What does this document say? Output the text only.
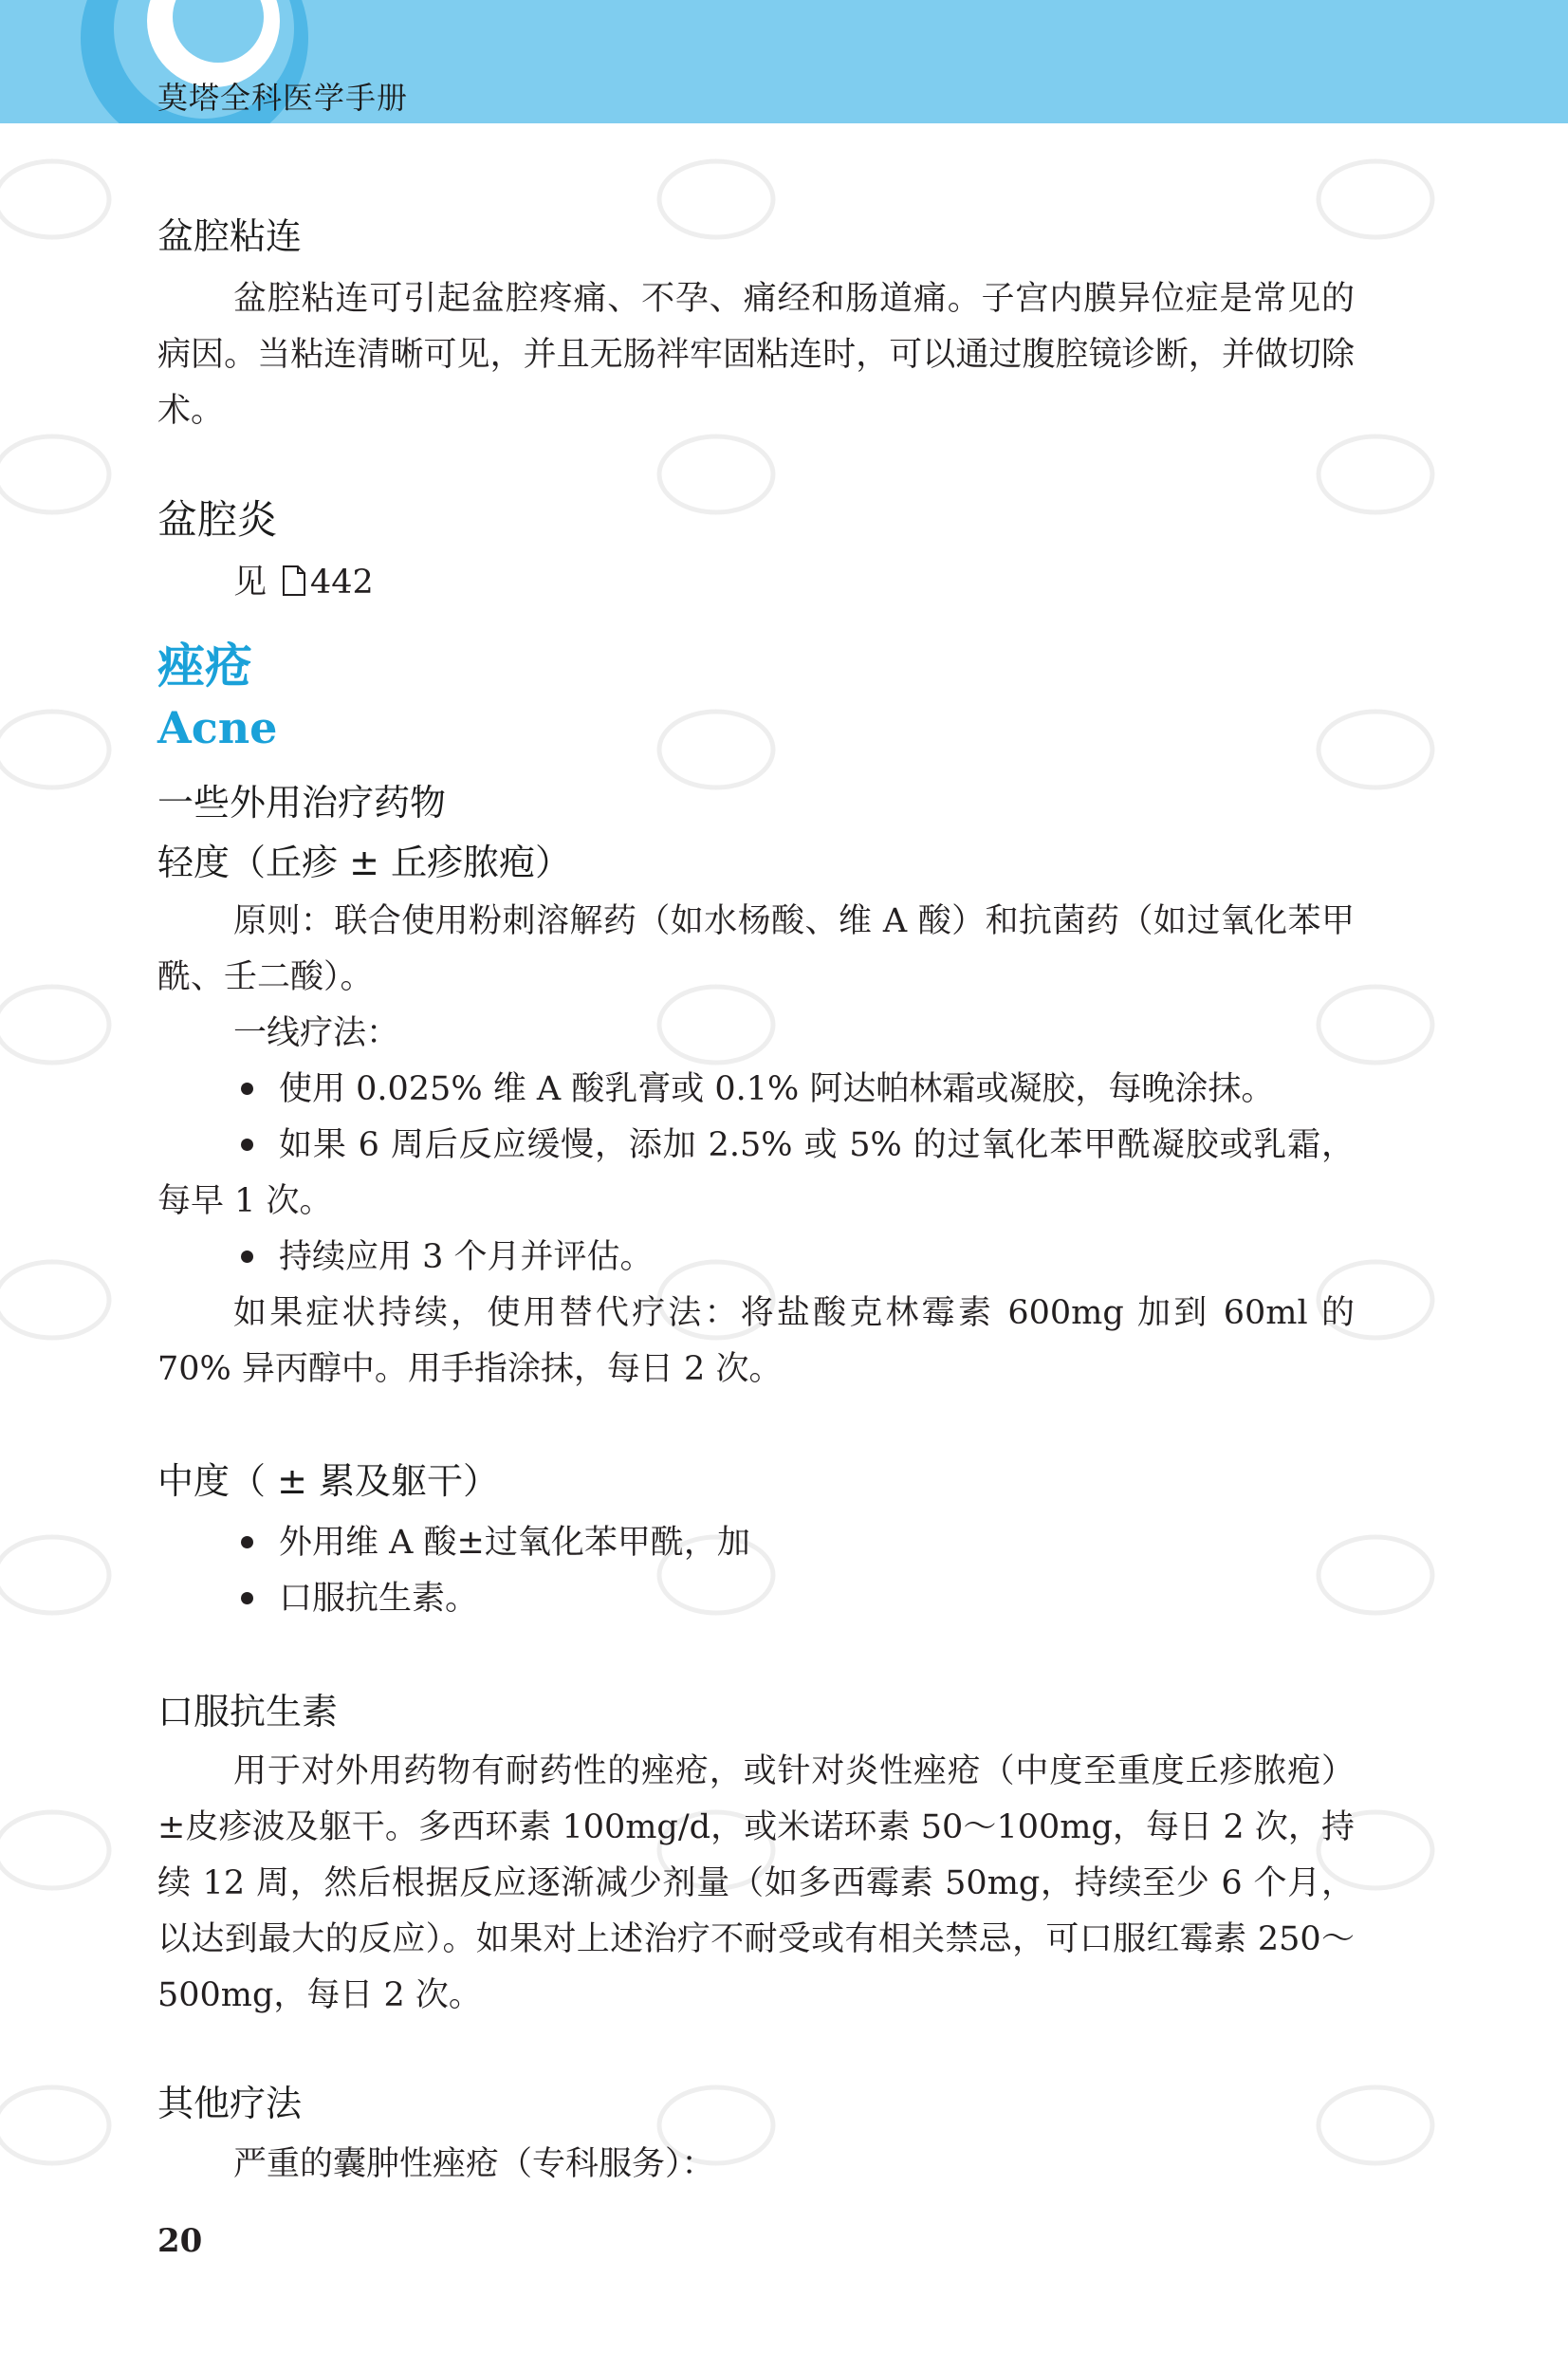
莫塔全科医学手册
盆腔粘连

盆腔粘连可引起盆腔疼痛、不孕、痛经和肠道痛。子宫内膜异位症是常见的病因。当粘连清晰可见，并且无肠袢牢固粘连时，可以通过腹腔镜诊断，并做切除术。

盆腔炎
见 442
痤疮
Acne
一些外用治疗药物
轻度（丘疹 ± 丘疹脓疱）

原则：联合使用粉刺溶解药（如水杨酸、维 A 酸）和抗菌药（如过氧化苯甲酰、壬二酸）。

一线疗法：

使用 0.025% 维 A 酸乳膏或 0.1% 阿达帕林霜或凝胶，每晚涂抹。

如果 6 周后反应缓慢，添加 2.5% 或 5% 的过氧化苯甲酰凝胶或乳霜，每早 1 次。

持续应用 3 个月并评估。

如果症状持续，使用替代疗法：将盐酸克林霉素 600mg 加到 60ml 的 70% 异丙醇中。用手指涂抹，每日 2 次。

中度（ ± 累及躯干）

外用维 A 酸±过氧化苯甲酰，加

口服抗生素。

口服抗生素

用于对外用药物有耐药性的痤疮，或针对炎性痤疮（中度至重度丘疹脓疱）±皮疹波及躯干。多西环素 100mg/d，或米诺环素 50～100mg，每日 2 次，持续 12 周，然后根据反应逐渐减少剂量（如多西霉素 50mg，持续至少 6 个月，以达到最大的反应）。如果对上述治疗不耐受或有相关禁忌，可口服红霉素 250～500mg，每日 2 次。

其他疗法

严重的囊肿性痤疮（专科服务）：

20
